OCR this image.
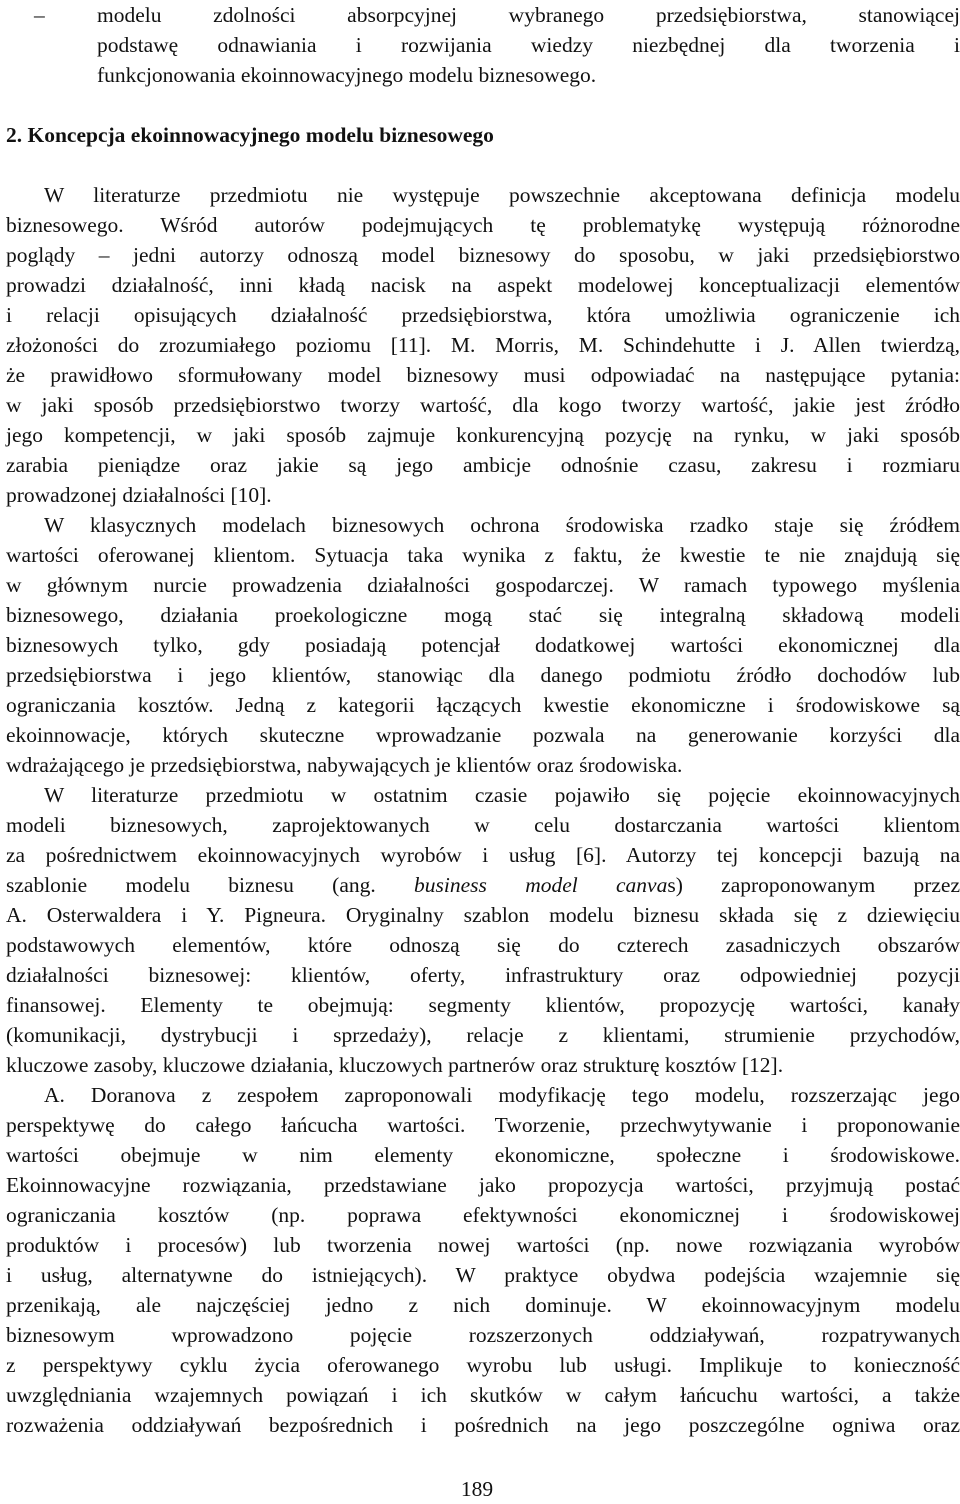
– modelu zdolności absorpcyjnej wybranego przedsiębiorstwa, stanowiącej
podstawę odnawiania i rozwijania wiedzy niezbędnej dla tworzenia i
funkcjonowania ekoinnowacyjnego modelu biznesowego.
2. Koncepcja ekoinnowacyjnego modelu biznesowego
W literaturze przedmiotu nie występuje powszechnie akceptowana definicja modelu
biznesowego. Wśród autorów podejmujących tę problematykę występują różnorodne
poglądy – jedni autorzy odnoszą model biznesowy do sposobu, w jaki przedsiębiorstwo
prowadzi działalność, inni kładą nacisk na aspekt modelowej konceptualizacji elementów
i relacji opisujących działalność przedsiębiorstwa, która umożliwia ograniczenie ich
złożoności do zrozumiałego poziomu [11]. M. Morris, M. Schindehutte i J. Allen twierdzą,
że prawidłowo sformułowany model biznesowy musi odpowiadać na następujące pytania:
w jaki sposób przedsiębiorstwo tworzy wartość, dla kogo tworzy wartość, jakie jest źródło
jego kompetencji, w jaki sposób zajmuje konkurencyjną pozycję na rynku, w jaki sposób
zarabia pieniądze oraz jakie są jego ambicje odnośnie czasu, zakresu i rozmiaru
prowadzonej działalności [10].
W klasycznych modelach biznesowych ochrona środowiska rzadko staje się źródłem
wartości oferowanej klientom. Sytuacja taka wynika z faktu, że kwestie te nie znajdują się
w głównym nurcie prowadzenia działalności gospodarczej. W ramach typowego myślenia
biznesowego, działania proekologiczne mogą stać się integralną składową modeli
biznesowych tylko, gdy posiadają potencjał dodatkowej wartości ekonomicznej dla
przedsiębiorstwa i jego klientów, stanowiąc dla danego podmiotu źródło dochodów lub
ograniczania kosztów. Jedną z kategorii łączących kwestie ekonomiczne i środowiskowe są
ekoinnowacje, których skuteczne wprowadzanie pozwala na generowanie korzyści dla
wdrażającego je przedsiębiorstwa, nabywających je klientów oraz środowiska.
W literaturze przedmiotu w ostatnim czasie pojawiło się pojęcie ekoinnowacyjnych
modeli biznesowych, zaprojektowanych w celu dostarczania wartości klientom
za pośrednictwem ekoinnowacyjnych wyrobów i usług [6]. Autorzy tej koncepcji bazują na
szablonie modelu biznesu (ang. business model canvas) zaproponowanym przez
A. Osterwaldera i Y. Pigneura. Oryginalny szablon modelu biznesu składa się z dziewięciu
podstawowych elementów, które odnoszą się do czterech zasadniczych obszarów
działalności biznesowej: klientów, oferty, infrastruktury oraz odpowiedniej pozycji
finansowej. Elementy te obejmują: segmenty klientów, propozycję wartości, kanały
(komunikacji, dystrybucji i sprzedaży), relacje z klientami, strumienie przychodów,
kluczowe zasoby, kluczowe działania, kluczowych partnerów oraz strukturę kosztów [12].
A. Doranova z zespołem zaproponowali modyfikację tego modelu, rozszerzając jego
perspektywę do całego łańcucha wartości. Tworzenie, przechwytywanie i proponowanie
wartości obejmuje w nim elementy ekonomiczne, społeczne i środowiskowe.
Ekoinnowacyjne rozwiązania, przedstawiane jako propozycja wartości, przyjmują postać
ograniczania kosztów (np. poprawa efektywności ekonomicznej i środowiskowej
produktów i procesów) lub tworzenia nowej wartości (np. nowe rozwiązania wyrobów
i usług, alternatywne do istniejących). W praktyce obydwa podejścia wzajemnie się
przenikają, ale najczęściej jedno z nich dominuje. W ekoinnowacyjnym modelu
biznesowym wprowadzono pojęcie rozszerzonych oddziaływań, rozpatrywanych
z perspektywy cyklu życia oferowanego wyrobu lub usługi. Implikuje to konieczność
uwzględniania wzajemnych powiązań i ich skutków w całym łańcuchu wartości, a także
rozważenia oddziaływań bezpośrednich i pośrednich na jego poszczególne ogniwa oraz
189
